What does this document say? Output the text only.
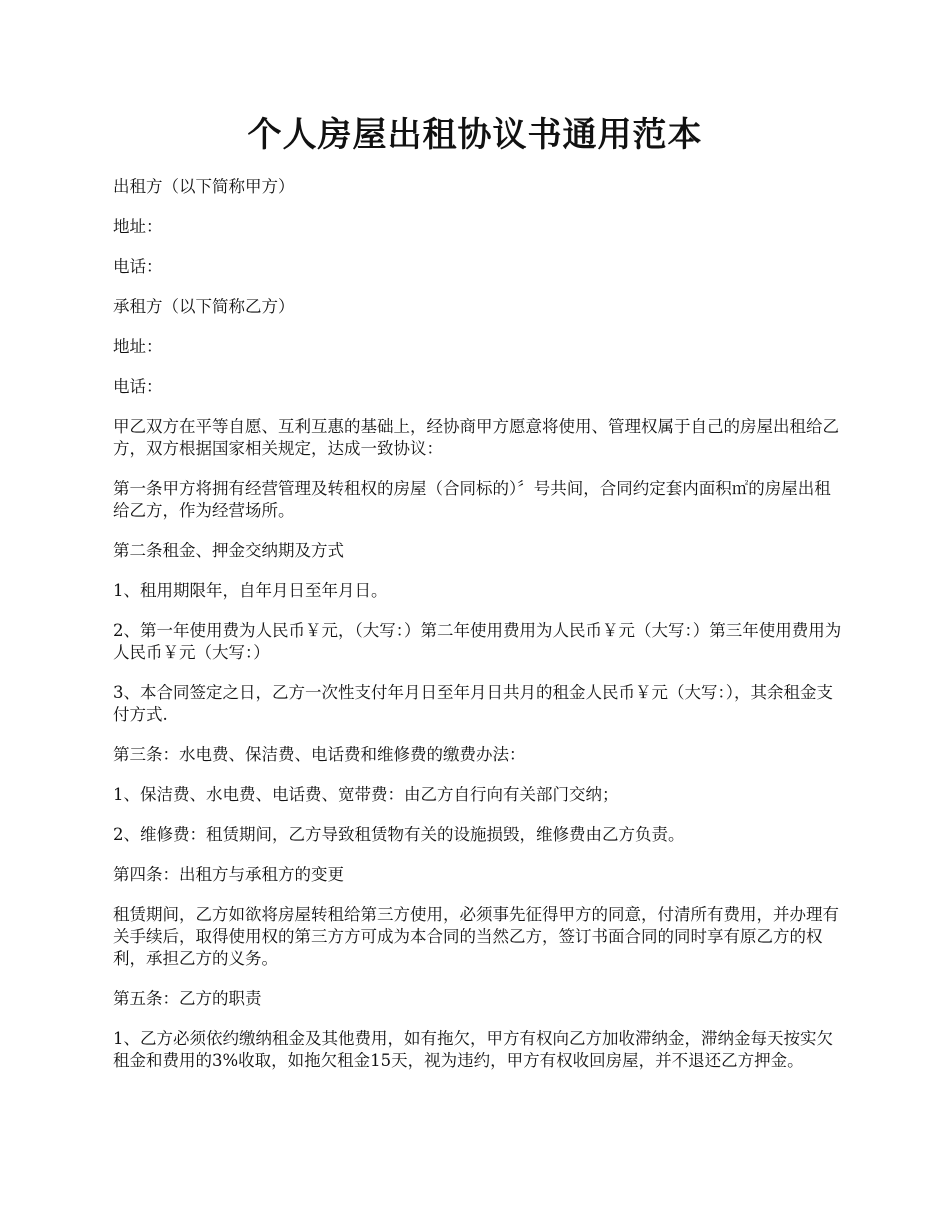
个人房屋出租协议书通用范本

出租方（以下简称甲方）

地址：

电话：

承租方（以下简称乙方）

地址：

电话：

甲乙双方在平等自愿、互利互惠的基础上，经协商甲方愿意将使用、管理权属于自己的房屋出租给乙方，双方根据国家相关规定，达成一致协议：

第一条甲方将拥有经营管理及转租权的房屋（合同标的）〞号共间，合同约定套内面积㎡的房屋出租给乙方，作为经营场所。

第二条租金、押金交纳期及方式

1、租用期限年，自年月日至年月日。

2、第一年使用费为人民币￥元，（大写：）第二年使用费用为人民币￥元（大写：）第三年使用费用为人民币￥元（大写：）

3、本合同签定之日，乙方一次性支付年月日至年月日共月的租金人民币￥元（大写：），其余租金支付方式.

第三条：水电费、保洁费、电话费和维修费的缴费办法：

1、保洁费、水电费、电话费、宽带费：由乙方自行向有关部门交纳；

2、维修费：租赁期间，乙方导致租赁物有关的设施损毁，维修费由乙方负责。

第四条：出租方与承租方的变更

租赁期间，乙方如欲将房屋转租给第三方使用，必须事先征得甲方的同意，付清所有费用，并办理有关手续后，取得使用权的第三方方可成为本合同的当然乙方，签订书面合同的同时享有原乙方的权利，承担乙方的义务。

第五条：乙方的职责

1、乙方必须依约缴纳租金及其他费用，如有拖欠，甲方有权向乙方加收滞纳金，滞纳金每天按实欠租金和费用的3%收取，如拖欠租金15天，视为违约，甲方有权收回房屋，并不退还乙方押金。
